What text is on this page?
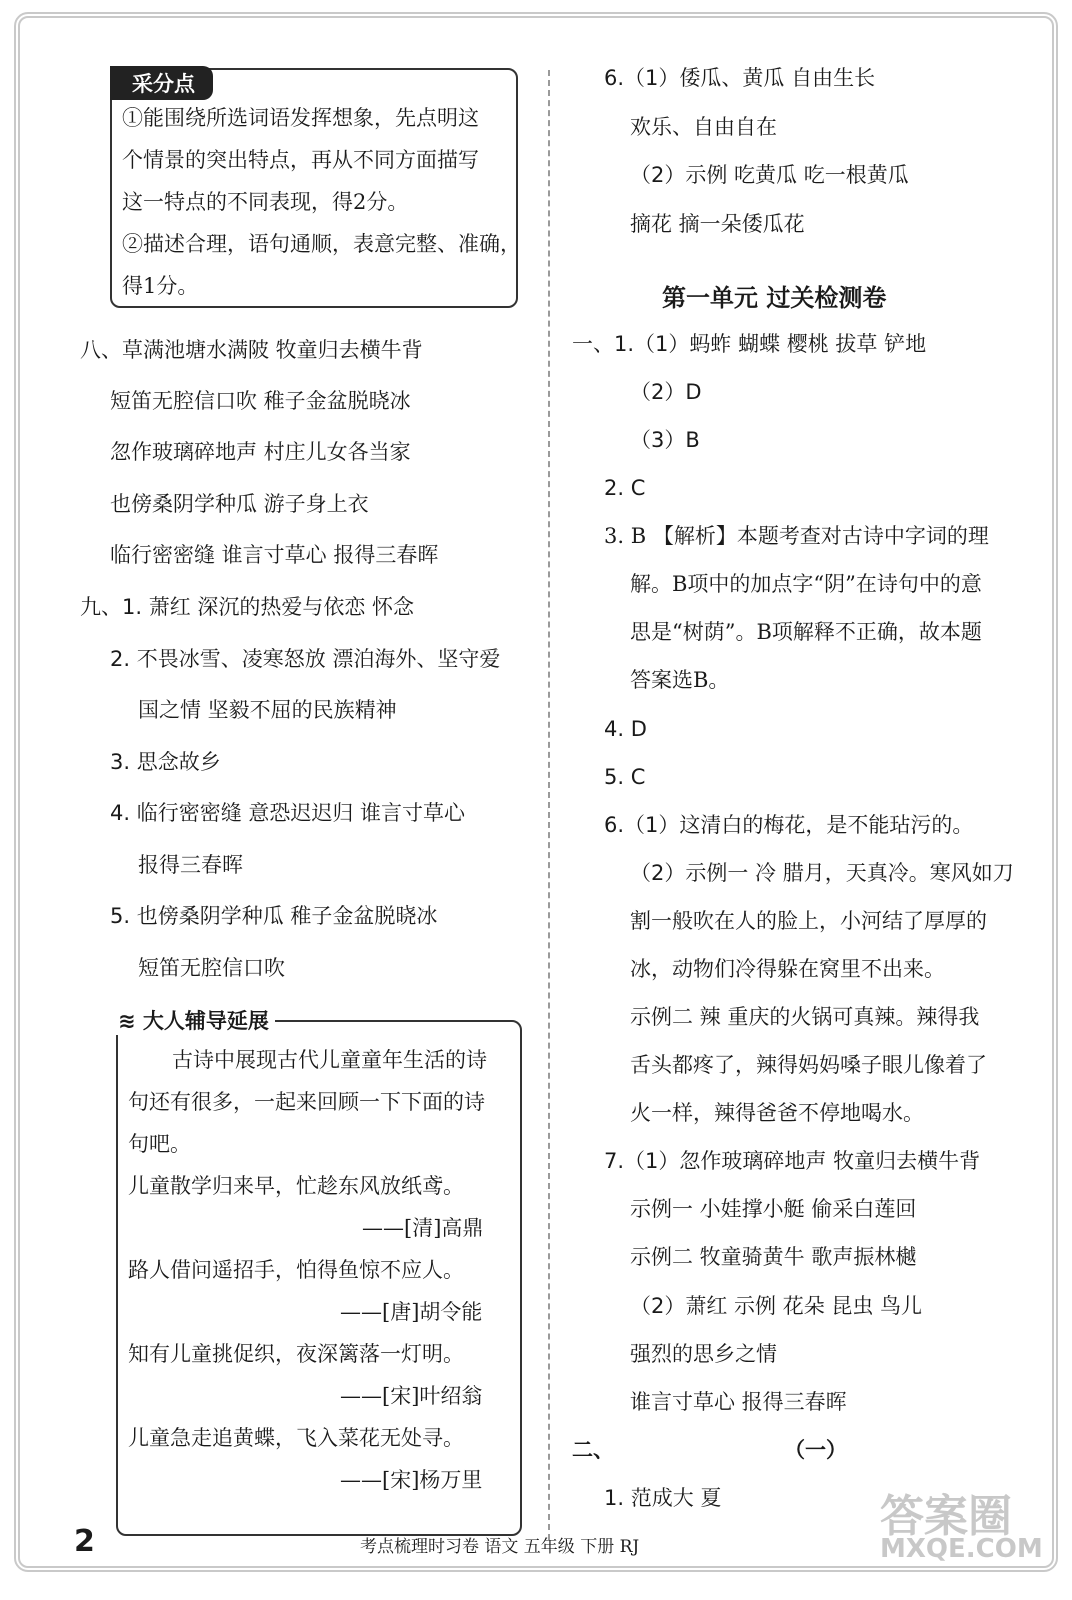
采分点
①能围绕所选词语发挥想象，先点明这
个情景的突出特点，再从不同方面描写
这一特点的不同表现，得2分。
②描述合理，语句通顺，表意完整、准确，
得1分。
八、草满池塘水满陂 牧童归去横牛背
短笛无腔信口吹 稚子金盆脱晓冰
忽作玻璃碎地声 村庄儿女各当家
也傍桑阴学种瓜 游子身上衣
临行密密缝 谁言寸草心 报得三春晖
九、1. 萧红 深沉的热爱与依恋 怀念
2. 不畏冰雪、凌寒怒放 漂泊海外、坚守爱
国之情 坚毅不屈的民族精神
3. 思念故乡
4. 临行密密缝 意恐迟迟归 谁言寸草心
报得三春晖
5. 也傍桑阴学种瓜 稚子金盆脱晓冰
短笛无腔信口吹
≋ 大人辅导延展
古诗中展现古代儿童童年生活的诗
句还有很多，一起来回顾一下下面的诗
句吧。
儿童散学归来早，忙趁东风放纸鸢。
——[清]高鼎
路人借问遥招手，怕得鱼惊不应人。
——[唐]胡令能
知有儿童挑促织，夜深篱落一灯明。
——[宋]叶绍翁
儿童急走追黄蝶，飞入菜花无处寻。
——[宋]杨万里
6.（1）倭瓜、黄瓜 自由生长
欢乐、自由自在
（2）示例 吃黄瓜 吃一根黄瓜
摘花 摘一朵倭瓜花
第一单元 过关检测卷
一、1.（1）蚂蚱 蝴蝶 樱桃 拔草 铲地
（2）D
（3）B
2. C
3. B 【解析】本题考查对古诗中字词的理
解。B项中的加点字“阴”在诗句中的意
思是“树荫”。B项解释不正确，故本题
答案选B。
4. D
5. C
6.（1）这清白的梅花，是不能玷污的。
（2）示例一 冷 腊月，天真冷。寒风如刀
割一般吹在人的脸上，小河结了厚厚的
冰，动物们冷得躲在窝里不出来。
示例二 辣 重庆的火锅可真辣。辣得我
舌头都疼了，辣得妈妈嗓子眼儿像着了
火一样，辣得爸爸不停地喝水。
7.（1）忽作玻璃碎地声 牧童归去横牛背
示例一 小娃撑小艇 偷采白莲回
示例二 牧童骑黄牛 歌声振林樾
（2）萧红 示例 花朵 昆虫 鸟儿
强烈的思乡之情
谁言寸草心 报得三春晖
二、	（一）
1. 范成大 夏
2	考点梳理时习卷 语文 五年级 下册 RJ
答案圈
MXQE.COM
